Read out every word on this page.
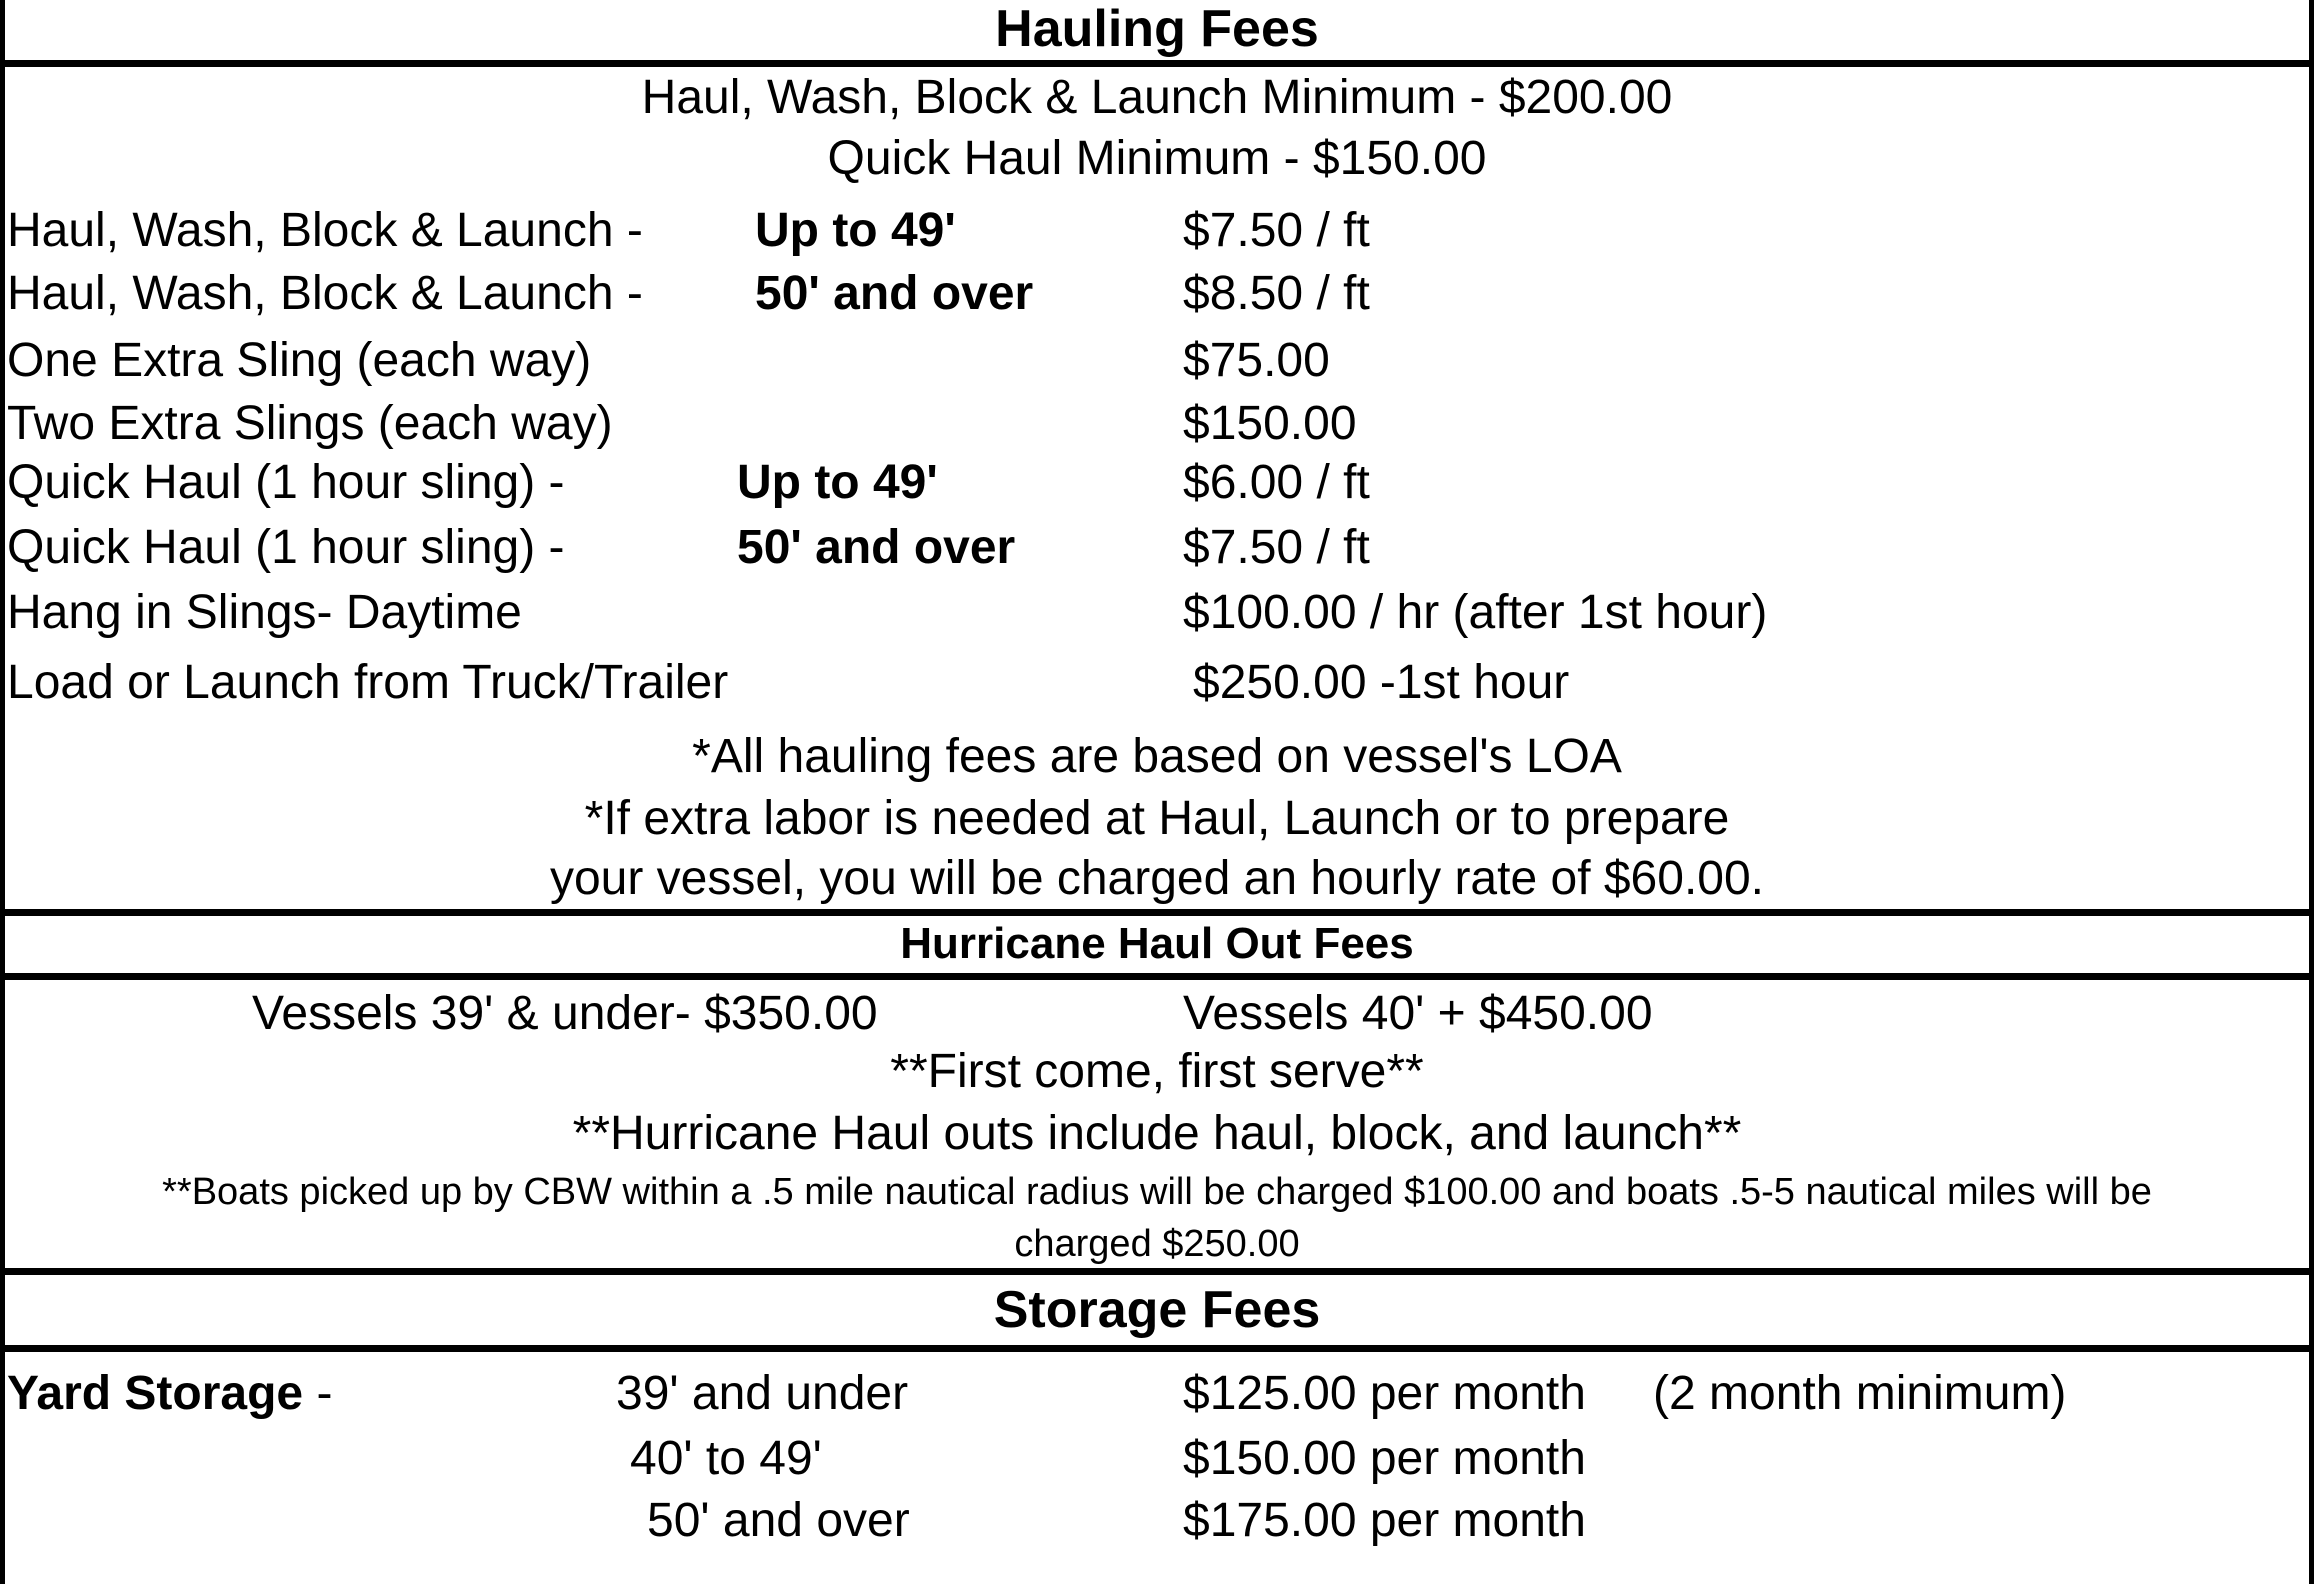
Hauling Fees
Haul, Wash, Block & Launch Minimum - $200.00
Quick Haul Minimum - $150.00
Haul, Wash, Block & Launch - Up to 49'	$7.50 / ft
Haul, Wash, Block & Launch - 50' and over	$8.50 / ft
One Extra Sling (each way)	$75.00
Two Extra Slings (each way)	$150.00
Quick Haul (1 hour sling) -	Up to 49'	$6.00 / ft
Quick Haul (1 hour sling) -	50' and over	$7.50 / ft
Hang in Slings- Daytime	$100.00 / hr (after 1st hour)
Load or Launch from Truck/Trailer	$250.00 -1st hour
*All hauling fees are based on vessel's LOA
*If extra labor is needed at Haul, Launch or to prepare
your vessel, you will be charged an hourly rate of $60.00.
Hurricane Haul Out Fees
Vessels 39' & under- $350.00	Vessels 40' + $450.00
**First come, first serve**
**Hurricane Haul outs include haul, block, and launch**
**Boats picked up by CBW within a .5 mile nautical radius will be charged $100.00 and boats .5-5 nautical miles will be
charged $250.00
Storage Fees
Yard Storage -	39' and under	$125.00 per month (2 month minimum)
40' to 49'	$150.00 per month
50' and over	$175.00 per month
